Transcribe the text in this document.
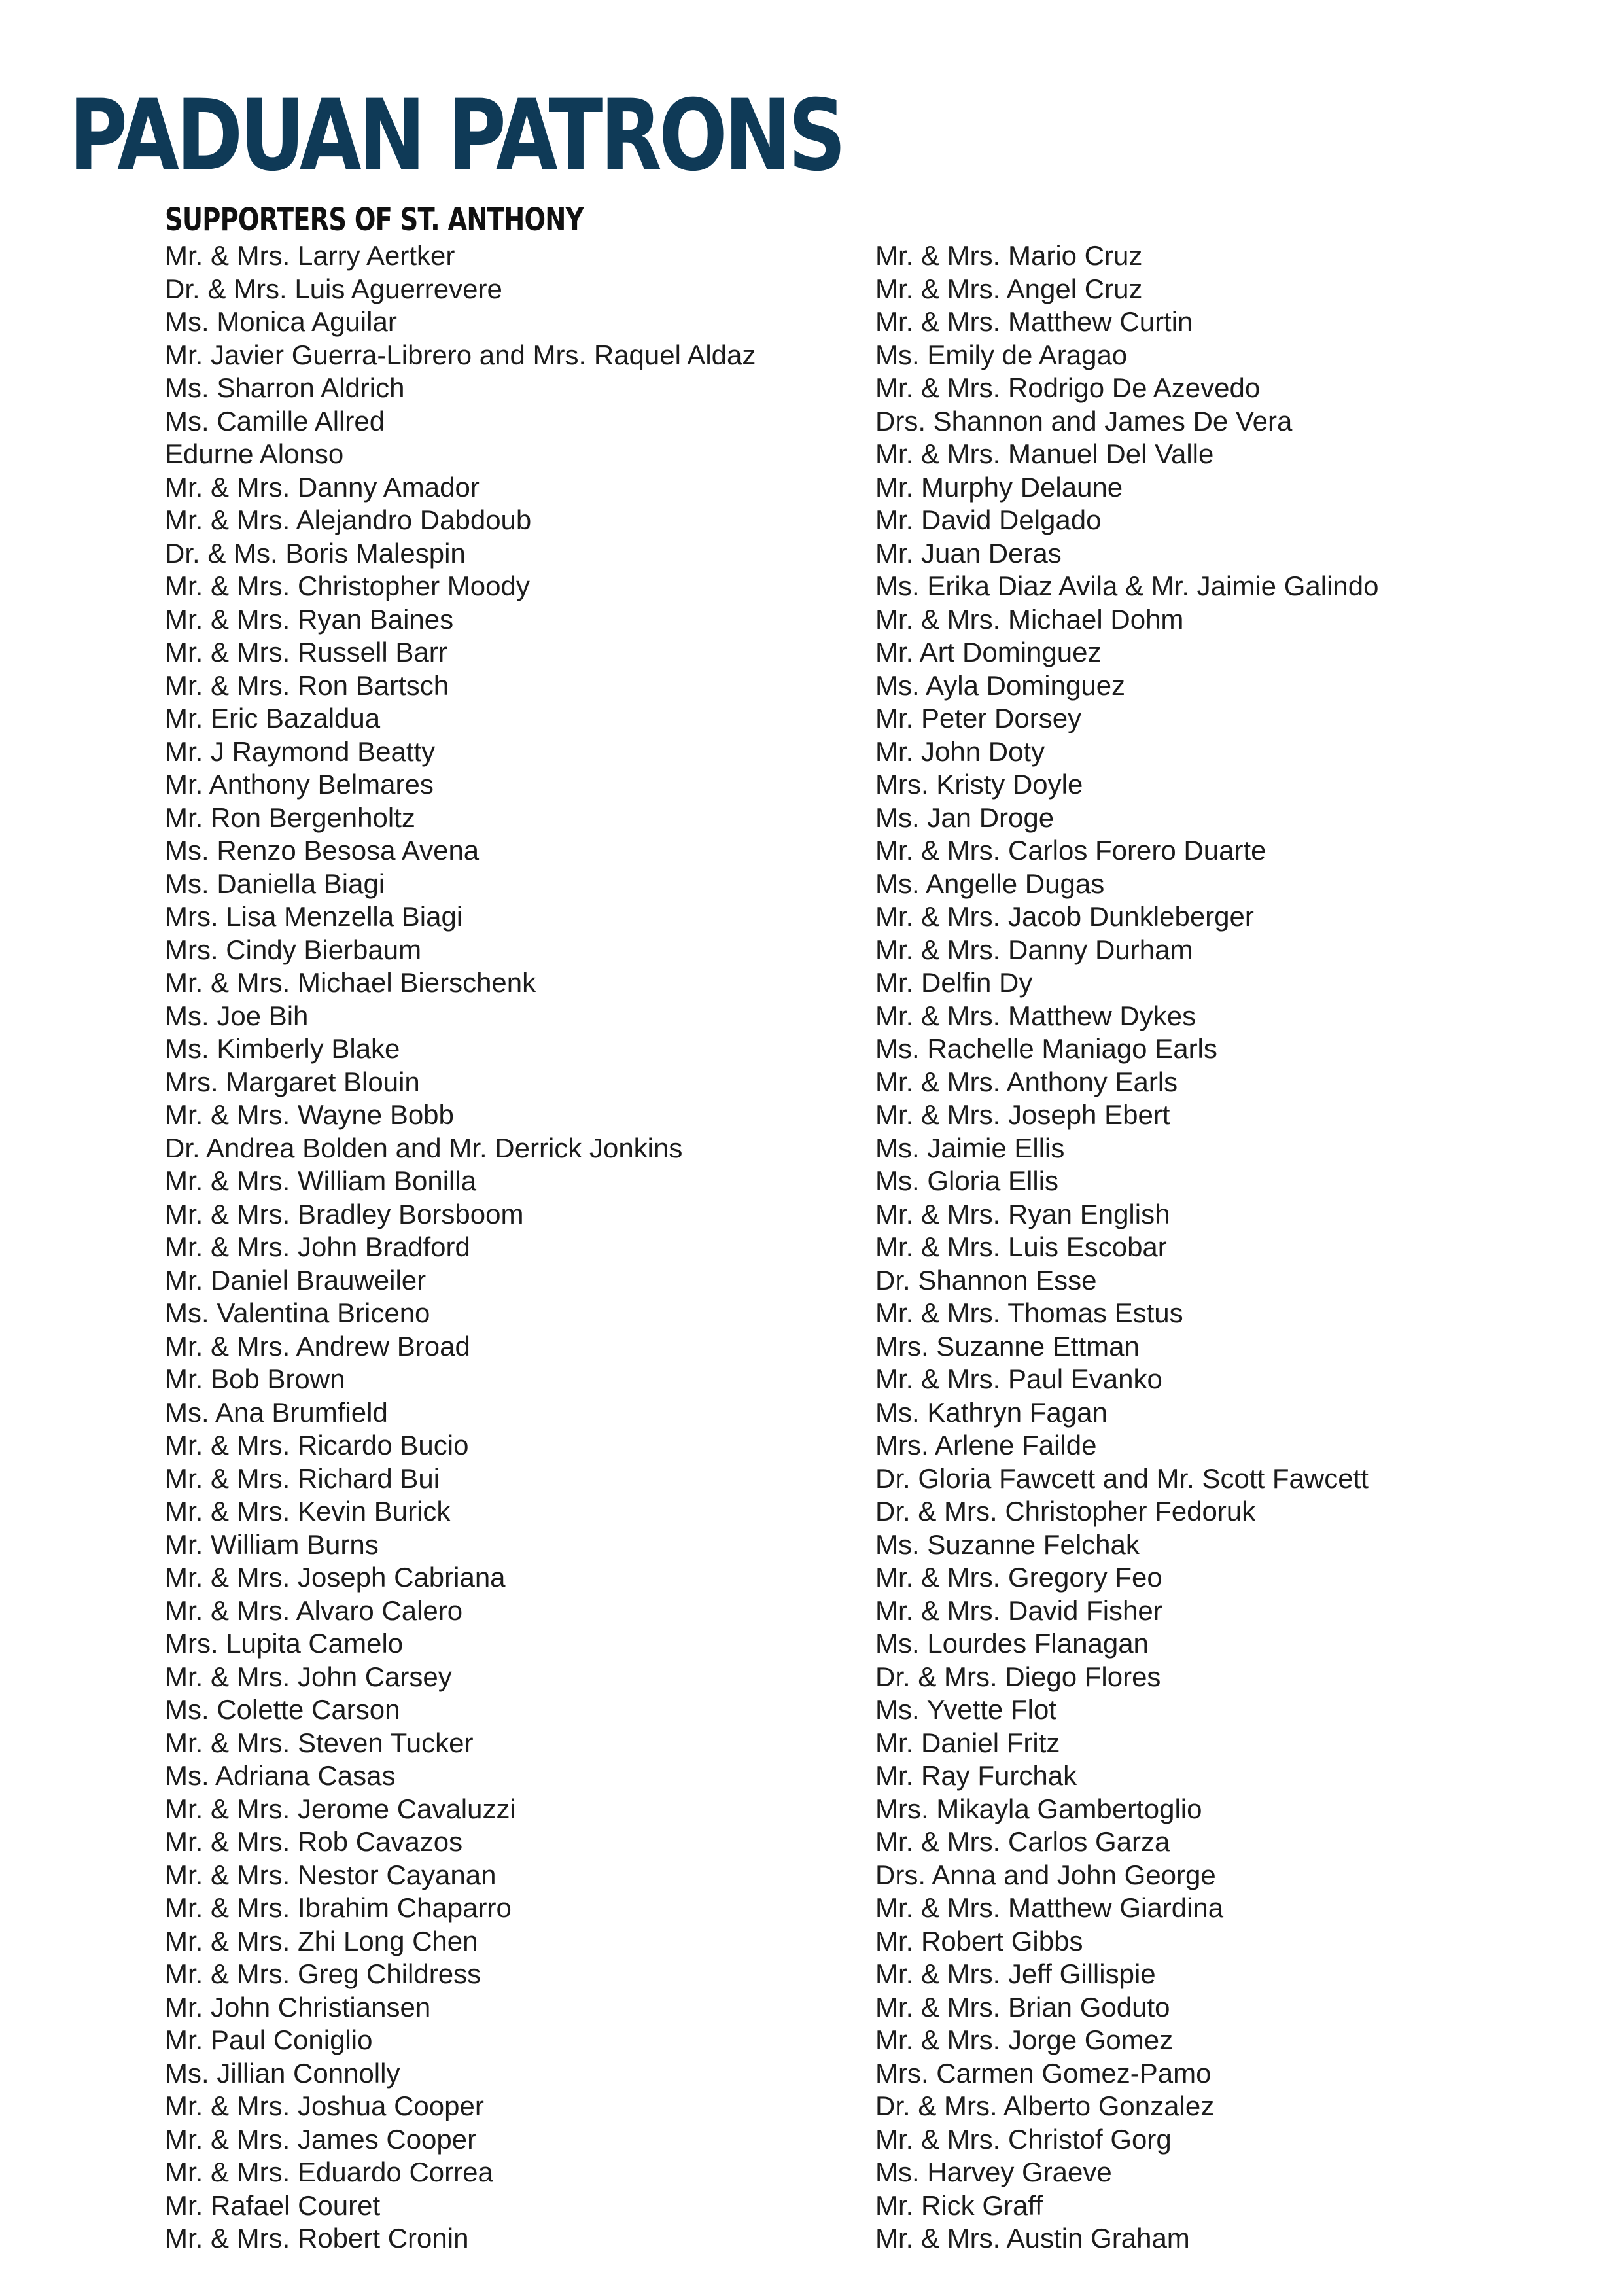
PADUAN PATRONS
SUPPORTERS OF ST. ANTHONY
Mr. & Mrs. Larry Aertker
Dr. & Mrs. Luis Aguerrevere
Ms. Monica Aguilar
Mr. Javier Guerra-Librero and Mrs. Raquel Aldaz
Ms. Sharron Aldrich
Ms. Camille Allred
Edurne Alonso
Mr. & Mrs. Danny Amador
Mr. & Mrs. Alejandro Dabdoub
Dr. & Ms. Boris Malespin
Mr. & Mrs. Christopher Moody
Mr. & Mrs. Ryan Baines
Mr. & Mrs. Russell Barr
Mr. & Mrs. Ron Bartsch
Mr. Eric Bazaldua
Mr. J Raymond Beatty
Mr. Anthony Belmares
Mr. Ron Bergenholtz
Ms. Renzo Besosa Avena
Ms. Daniella Biagi
Mrs. Lisa Menzella Biagi
Mrs. Cindy Bierbaum
Mr. & Mrs. Michael Bierschenk
Ms. Joe Bih
Ms. Kimberly Blake
Mrs. Margaret Blouin
Mr. & Mrs. Wayne Bobb
Dr. Andrea Bolden and Mr. Derrick Jonkins
Mr. & Mrs. William Bonilla
Mr. & Mrs. Bradley Borsboom
Mr. & Mrs. John Bradford
Mr. Daniel Brauweiler
Ms. Valentina Briceno
Mr. & Mrs. Andrew Broad
Mr. Bob Brown
Ms. Ana Brumfield
Mr. & Mrs. Ricardo Bucio
Mr. & Mrs. Richard Bui
Mr. & Mrs. Kevin Burick
Mr. William Burns
Mr. & Mrs. Joseph Cabriana
Mr. & Mrs. Alvaro Calero
Mrs. Lupita Camelo
Mr. & Mrs. John Carsey
Ms. Colette Carson
Mr. & Mrs. Steven Tucker
Ms. Adriana Casas
Mr. & Mrs. Jerome Cavaluzzi
Mr. & Mrs. Rob Cavazos
Mr. & Mrs. Nestor Cayanan
Mr. & Mrs. Ibrahim Chaparro
Mr. & Mrs. Zhi Long Chen
Mr. & Mrs. Greg Childress
Mr. John Christiansen
Mr. Paul Coniglio
Ms. Jillian Connolly
Mr. & Mrs. Joshua Cooper
Mr. & Mrs. James Cooper
Mr. & Mrs. Eduardo Correa
Mr. Rafael Couret
Mr. & Mrs. Robert Cronin
Mr. & Mrs. Mario Cruz
Mr. & Mrs. Angel Cruz
Mr. & Mrs. Matthew Curtin
Ms. Emily de Aragao
Mr. & Mrs. Rodrigo De Azevedo
Drs. Shannon and James De Vera
Mr. & Mrs. Manuel Del Valle
Mr. Murphy Delaune
Mr. David Delgado
Mr. Juan Deras
Ms. Erika Diaz Avila & Mr. Jaimie Galindo
Mr. & Mrs. Michael Dohm
Mr. Art Dominguez
Ms. Ayla Dominguez
Mr. Peter Dorsey
Mr. John Doty
Mrs. Kristy Doyle
Ms. Jan Droge
Mr. & Mrs. Carlos Forero Duarte
Ms. Angelle Dugas
Mr. & Mrs. Jacob Dunkleberger
Mr. & Mrs. Danny Durham
Mr. Delfin Dy
Mr. & Mrs. Matthew Dykes
Ms. Rachelle Maniago Earls
Mr. & Mrs. Anthony Earls
Mr. & Mrs. Joseph Ebert
Ms. Jaimie Ellis
Ms. Gloria Ellis
Mr. & Mrs. Ryan English
Mr. & Mrs. Luis Escobar
Dr. Shannon Esse
Mr. & Mrs. Thomas Estus
Mrs. Suzanne Ettman
Mr. & Mrs. Paul Evanko
Ms. Kathryn Fagan
Mrs. Arlene Failde
Dr. Gloria Fawcett and Mr. Scott Fawcett
Dr. & Mrs. Christopher Fedoruk
Ms. Suzanne Felchak
Mr. & Mrs. Gregory Feo
Mr. & Mrs. David Fisher
Ms. Lourdes Flanagan
Dr. & Mrs. Diego Flores
Ms. Yvette Flot
Mr. Daniel Fritz
Mr. Ray Furchak
Mrs. Mikayla Gambertoglio
Mr. & Mrs. Carlos Garza
Drs. Anna and John George
Mr. & Mrs. Matthew Giardina
Mr. Robert Gibbs
Mr. & Mrs. Jeff Gillispie
Mr. & Mrs. Brian Goduto
Mr. & Mrs. Jorge Gomez
Mrs. Carmen Gomez-Pamo
Dr. & Mrs. Alberto Gonzalez
Mr. & Mrs. Christof Gorg
Ms. Harvey Graeve
Mr. Rick Graff
Mr. & Mrs. Austin Graham
